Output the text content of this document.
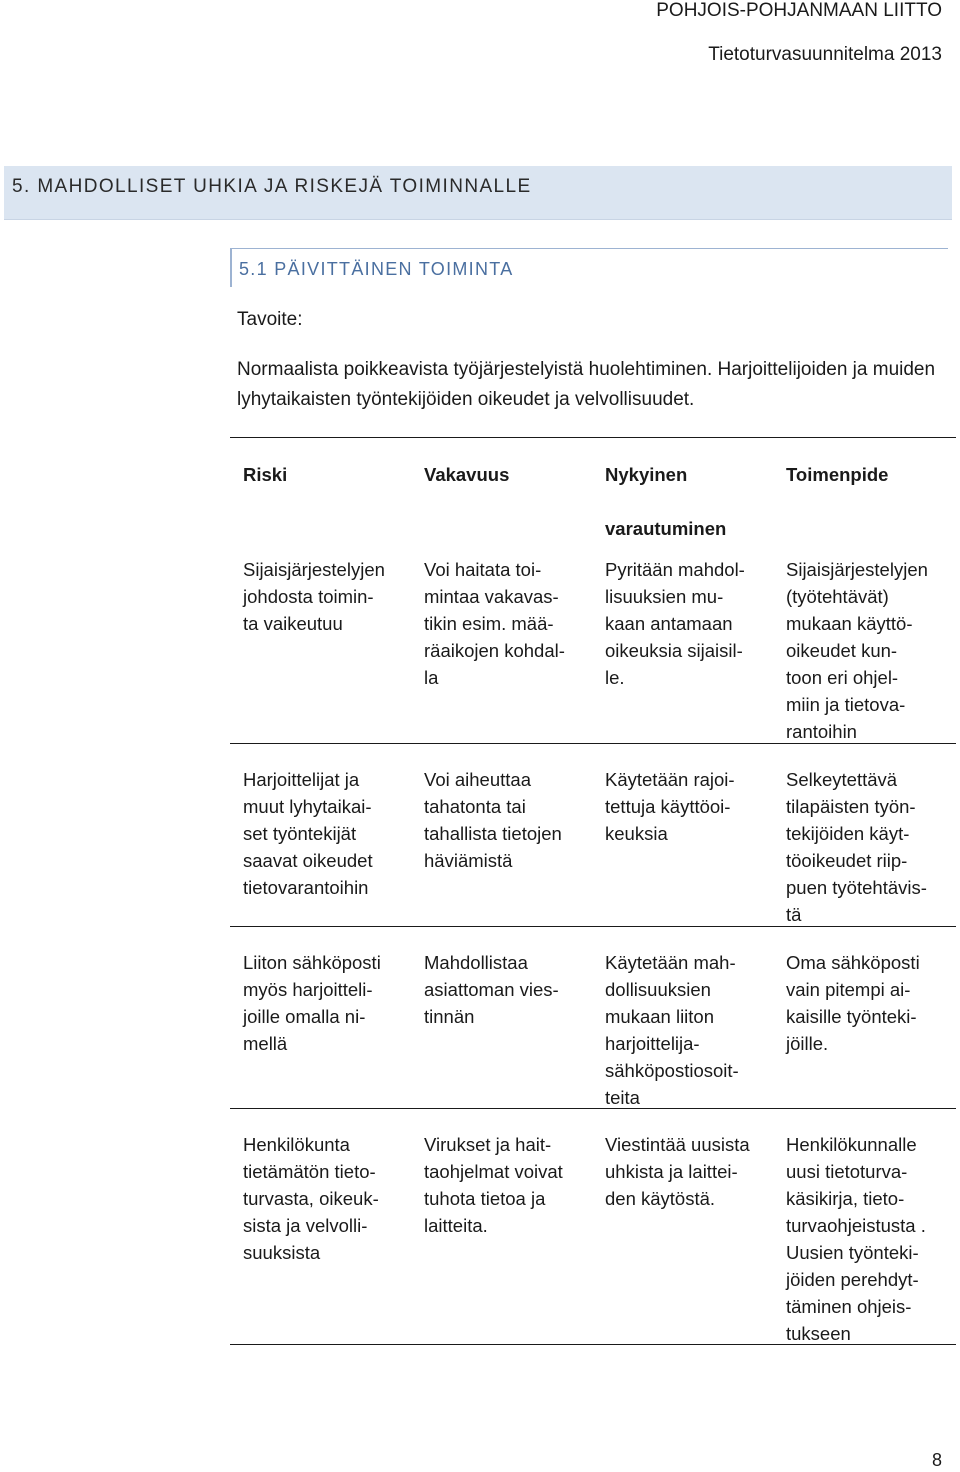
POHJOIS-POHJANMAAN LIITTO
Tietoturvasuunnitelma 2013
5. MAHDOLLISET UHKIA JA RISKEJÄ TOIMINNALLE
5.1 PÄIVITTÄINEN TOIMINTA
Tavoite:
Normaalista poikkeavista työjärjestelyistä huolehtiminen. Harjoittelijoiden ja muiden lyhytaikaisten työntekijöiden oikeudet ja velvollisuudet.
Riski	Vakavuus	Nykyinen

varautuminen
Toimenpide
Sijaisjärjestelyjen
johdosta toimin-
ta vaikeutuu
Voi haitata toi-
mintaa vakavas-
tikin esim. mää-
räaikojen kohdal-
la
Pyritään mahdol-
lisuuksien mu-
kaan antamaan
oikeuksia sijaisil-
le.
Sijaisjärjestelyjen
(työtehtävät)
mukaan käyttö-
oikeudet kun-
toon eri ohjel-
miin ja tietova-
rantoihin
Harjoittelijat ja
muut lyhytaikai-
set työntekijät
saavat oikeudet
tietovarantoihin
Voi aiheuttaa
tahatonta tai
tahallista tietojen
häviämistä
Käytetään rajoi-
tettuja käyttöoi-
keuksia
Selkeytettävä
tilapäisten työn-
tekijöiden käyt-
töoikeudet riip-
puen työtehtävis-
tä
Liiton sähköposti
myös harjoitteli-
joille omalla ni-
mellä
Mahdollistaa
asiattoman vies-
tinnän
Käytetään mah-
dollisuuksien
mukaan liiton
harjoittelija-
sähköpostiosoit-
teita
Oma sähköposti
vain pitempi ai-
kaisille työnteki-
jöille.
Henkilökunta
tietämätön tieto-
turvasta, oikeuk-
sista ja velvolli-
suuksista
Virukset ja hait-
taohjelmat voivat
tuhota tietoa ja
laitteita.
Viestintää uusista
uhkista ja laittei-
den käytöstä.
Henkilökunnalle
uusi tietoturva-
käsikirja, tieto-
turvaohjeistusta .
Uusien työnteki-
jöiden perehdyt-
täminen ohjeis-
tukseen
8
